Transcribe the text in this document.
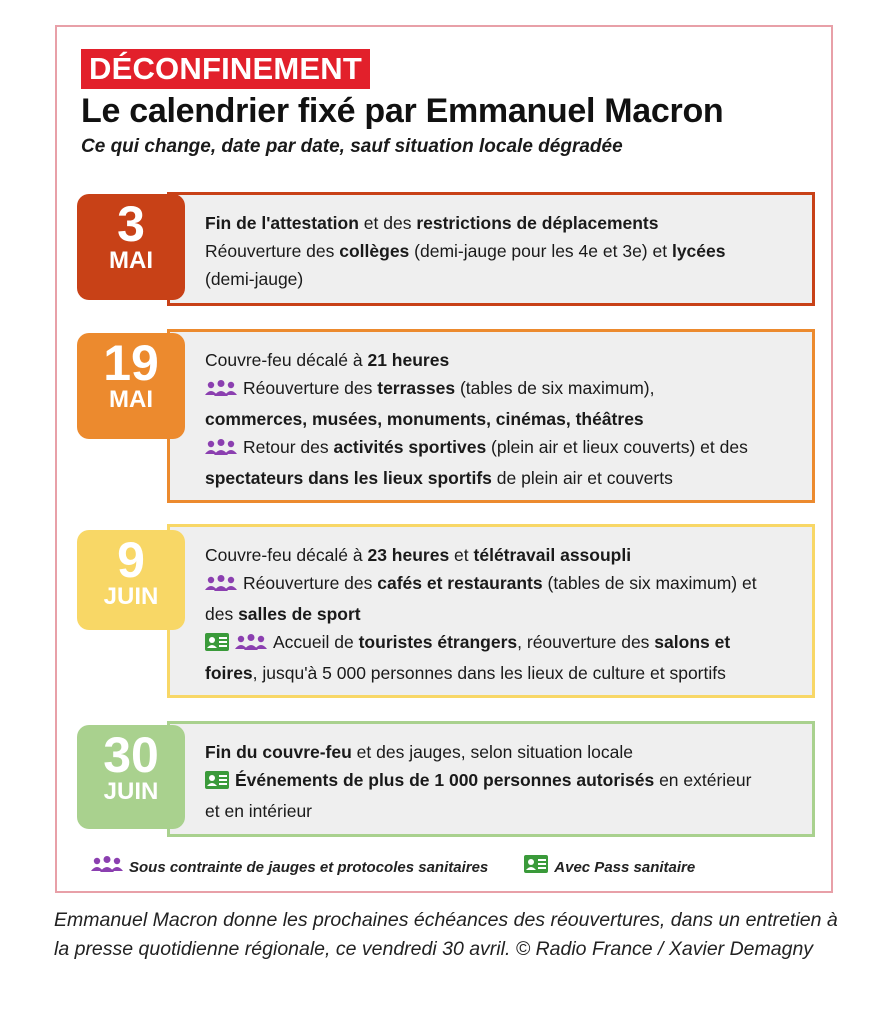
DÉCONFINEMENT
Le calendrier fixé par Emmanuel Macron
Ce qui change, date par date, sauf situation locale dégradée
Fin de l'attestation et des restrictions de déplacements
Réouverture des collèges (demi-jauge pour les 4e et 3e) et lycées
(demi-jauge)
3
MAI
Couvre-feu décalé à 21 heures
Réouverture des terrasses (tables de six maximum),
commerces, musées, monuments, cinémas, théâtres
Retour des activités sportives (plein air et lieux couverts) et des
spectateurs dans les lieux sportifs de plein air et couverts
19
MAI
Couvre-feu décalé à 23 heures et télétravail assoupli
Réouverture des cafés et restaurants (tables de six maximum) et
des salles de sport
Accueil de touristes étrangers, réouverture des salons et
foires, jusqu'à 5 000 personnes dans les lieux de culture et sportifs
9
JUIN
Fin du couvre-feu et des jauges, selon situation locale
Événements de plus de 1 000 personnes autorisés en extérieur
et en intérieur
30
JUIN
Sous contrainte de jauges et protocoles sanitaires	Avec Pass sanitaire
Emmanuel Macron donne les prochaines échéances des réouvertures, dans un entretien à la presse quotidienne régionale, ce vendredi 30 avril. © Radio France / Xavier Demagny
